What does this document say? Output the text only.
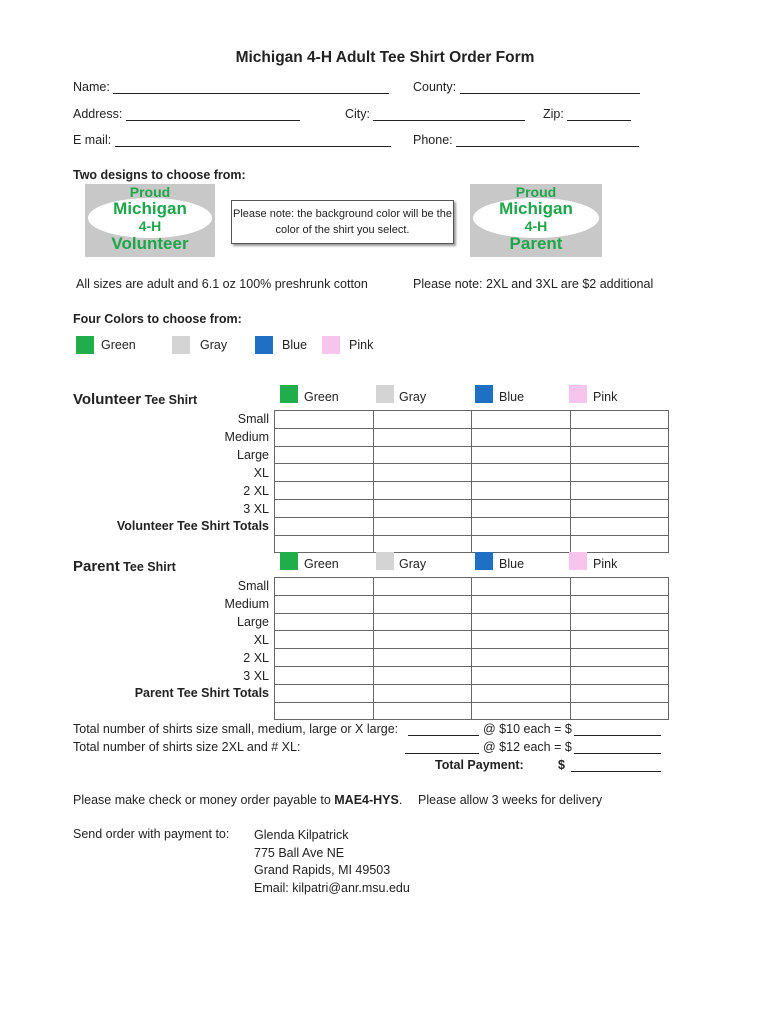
Michigan 4-H Adult Tee Shirt Order Form
Name:	County:
Address:	City:	Zip:
E mail:	Phone:
Two designs to choose from:
Proud
Michigan
4-H
Volunteer
Please note: the background color will be the color of the shirt you select.
Proud
Michigan
4-H
Parent
All sizes are adult and 6.1 oz 100% preshrunk cotton	Please note: 2XL and 3XL are $2 additional
Four Colors to choose from:
Green	Gray	Blue	Pink
Volunteer Tee Shirt	Green	Gray	Blue	Pink
Small
Medium
Large
XL
2 XL
3 XL
Volunteer Tee Shirt Totals

Parent Tee Shirt	Green	Gray	Blue	Pink
Small
Medium
Large
XL
2 XL
3 XL
Parent Tee Shirt Totals

Total number of shirts size small, medium, large or X large:	@ $10 each = $
Total number of shirts size 2XL and # XL:	@ $12 each = $
Total Payment:	$
Please make check or money order payable to MAE4-HYS. Please allow 3 weeks for delivery
Send order with payment to: Glenda Kilpatrick
775 Ball Ave NE
Grand Rapids, MI 49503
Email: kilpatri@anr.msu.edu
